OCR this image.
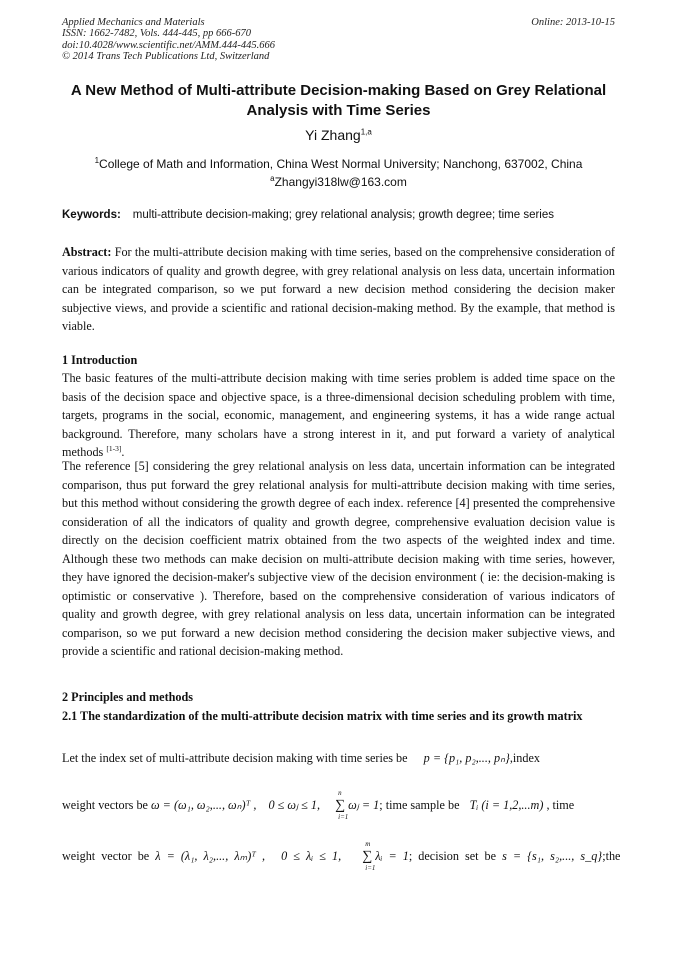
Applied Mechanics and Materials
ISSN: 1662-7482, Vols. 444-445, pp 666-670
doi:10.4028/www.scientific.net/AMM.444-445.666
© 2014 Trans Tech Publications Ltd, Switzerland
Online: 2013-10-15
A New Method of Multi-attribute Decision-making Based on Grey Relational Analysis with Time Series
Yi Zhang$^{1,a}$
$^1$College of Math and Information, China West Normal University; Nanchong, 637002, China
$^a$Zhangyi318lw@163.com
Keywords: multi-attribute decision-making; grey relational analysis; growth degree; time series
Abstract: For the multi-attribute decision making with time series, based on the comprehensive consideration of various indicators of quality and growth degree, with grey relational analysis on less data, uncertain information can be integrated comparison, so we put forward a new decision method considering the decision maker subjective views, and provide a scientific and rational decision-making method. By the example, that method is viable.
1 Introduction
The basic features of the multi-attribute decision making with time series problem is added time space on the basis of the decision space and objective space, is a three-dimensional decision scheduling problem with time, targets, programs in the social, economic, management, and engineering systems, it has a wide range actual background. Therefore, many scholars have a strong interest in it, and put forward a variety of analytical methods [1-3].
The reference [5] considering the grey relational analysis on less data, uncertain information can be integrated comparison, thus put forward the grey relational analysis for multi-attribute decision making with time series, but this method without considering the growth degree of each index. reference [4] presented the comprehensive consideration of all the indicators of quality and growth degree, comprehensive evaluation decision value is directly on the decision coefficient matrix obtained from the two aspects of the weighted index and time. Although these two methods can make decision on multi-attribute decision making with time series, however, they have ignored the decision-maker's subjective view of the decision environment ( ie: the decision-making is optimistic or conservative ). Therefore, based on the comprehensive consideration of various indicators of quality and growth degree, with grey relational analysis on less data, uncertain information can be integrated comparison, so we put forward a new decision method considering the decision maker subjective views, and provide a scientific and rational decision-making method.
2 Principles and methods
2.1 The standardization of the multi-attribute decision matrix with time series and its growth matrix
Let the index set of multi-attribute decision making with time series be p = {p₁, p₂,..., pₙ},index
weight vectors be ω = (ω₁, ω₂,..., ωₙ)ᵀ , 0 ≤ ωⱼ ≤ 1, ∑
n
i=1
ωⱼ = 1; time sample be Tᵢ (i = 1,2,...m) , time
weight vector be λ = (λ₁, λ₂,..., λₘ)ᵀ , 0 ≤ λᵢ ≤ 1, ∑
m
i=1
λᵢ = 1; decision set be s = {s₁, s₂,..., s_q};the
